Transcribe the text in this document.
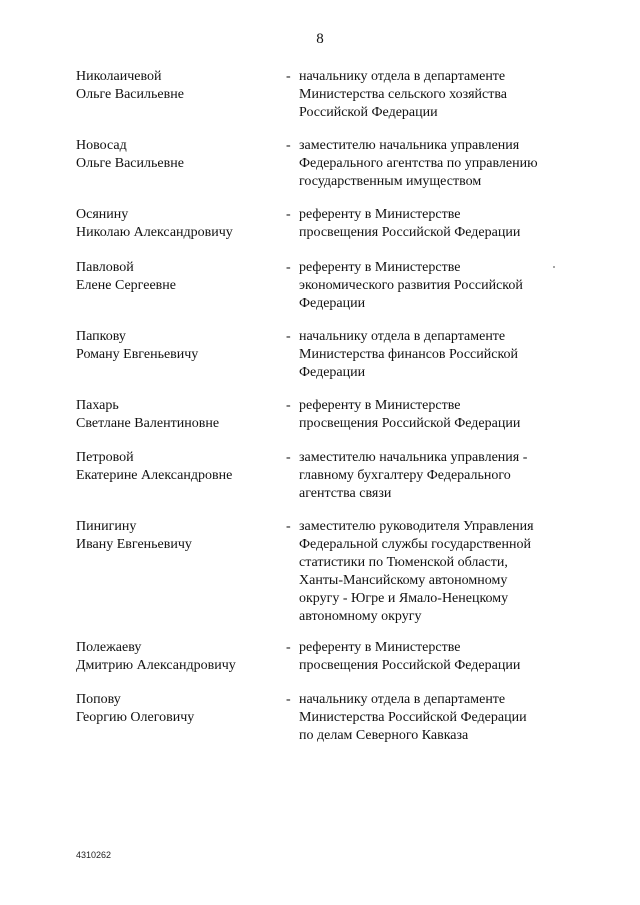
8
Николаичевой
Ольге Васильевне
- начальнику отдела в департаменте
Министерства сельского хозяйства
Российской Федерации
Новосад
Ольге Васильевне
- заместителю начальника управления
Федерального агентства по управлению
государственным имуществом
Осянину
Николаю Александровичу
- референту в Министерстве
просвещения Российской Федерации
Павловой
Елене Сергеевне
- референту в Министерстве
экономического развития Российской
Федерации
Папкову
Роману Евгеньевичу
- начальнику отдела в департаменте
Министерства финансов Российской
Федерации
Пахарь
Светлане Валентиновне
- референту в Министерстве
просвещения Российской Федерации
Петровой
Екатерине Александровне
- заместителю начальника управления -
главному бухгалтеру Федерального
агентства связи
Пинигину
Ивану Евгеньевичу
- заместителю руководителя Управления
Федеральной службы государственной
статистики по Тюменской области,
Ханты-Мансийскому автономному
округу - Югре и Ямало-Ненецкому
автономному округу
Полежаеву
Дмитрию Александровичу
- референту в Министерстве
просвещения Российской Федерации
Попову
Георгию Олеговичу
- начальнику отдела в департаменте
Министерства Российской Федерации
по делам Северного Кавказа
4310262
